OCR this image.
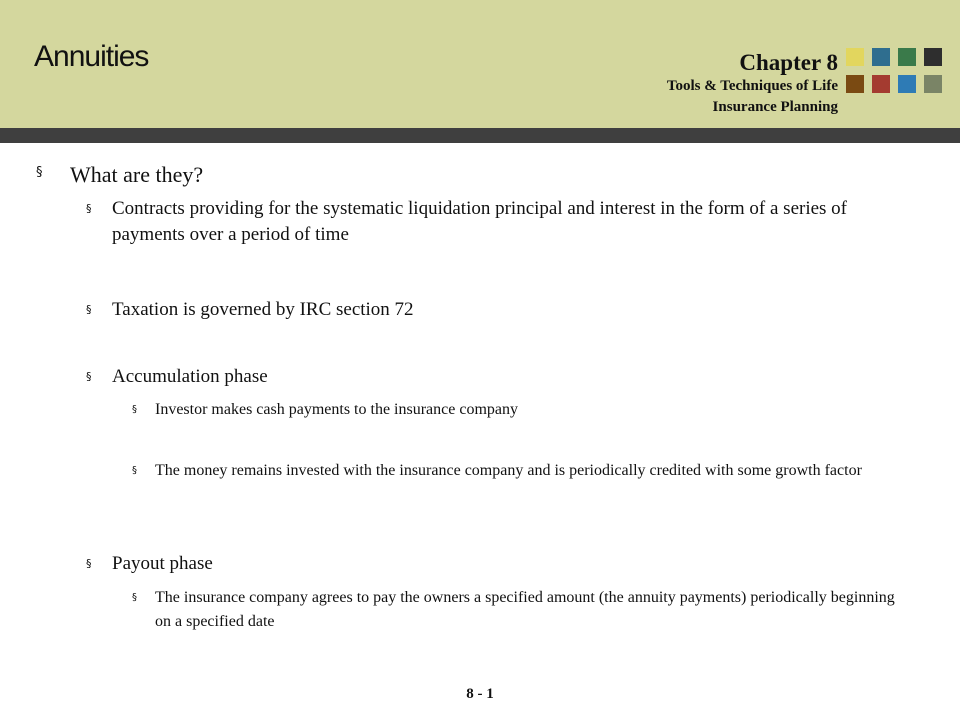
Annuities	Chapter 8
Tools & Techniques of Life
Insurance Planning
§ What are they?
§ Contracts providing for the systematic liquidation principal and interest in the form of a series of payments over a period of time
§ Taxation is governed by IRC section 72
§ Accumulation phase
§ Investor makes cash payments to the insurance company
§ The money remains invested with the insurance company and is periodically credited with some growth factor
§ Payout phase
§ The insurance company agrees to pay the owners a specified amount (the annuity payments) periodically beginning on a specified date
8 - 1
